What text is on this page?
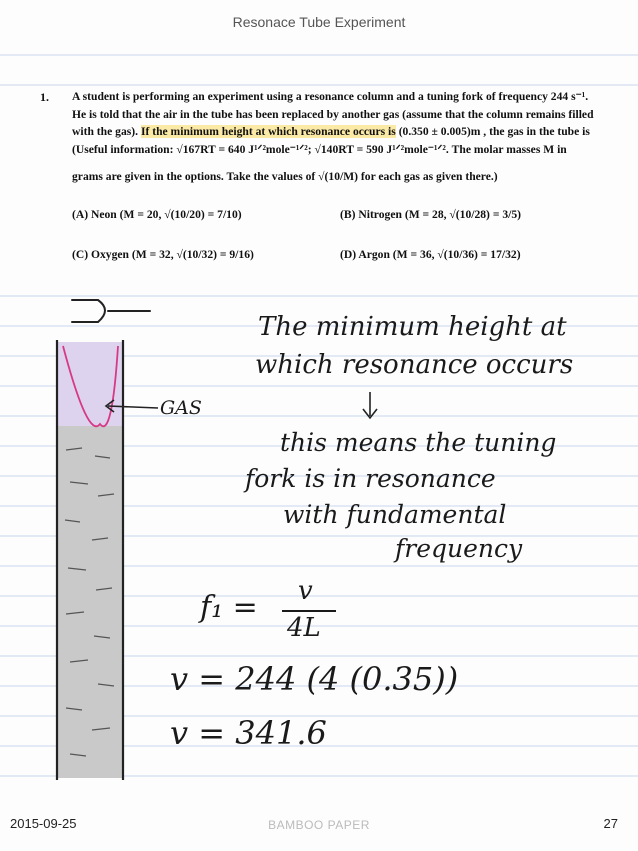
Resonace Tube Experiment
1. A student is performing an experiment using a resonance column and a tuning fork of frequency 244 s⁻¹.
He is told that the air in the tube has been replaced by another gas (assume that the column remains filled
with the gas). If the minimum height at which resonance occurs is (0.350 ± 0.005)m , the gas in the tube is
(Useful information: √167RT = 640 J¹ᐟ²mole⁻¹ᐟ²; √140RT = 590 J¹ᐟ²mole⁻¹ᐟ². The molar masses M in
grams are given in the options. Take the values of √(10/M) for each gas as given there.)
(A) Neon (M = 20, √(10/20) = 7/10)	(B) Nitrogen (M = 28, √(10/28) = 3/5)
(C) Oxygen (M = 32, √(10/32) = 9/16)	(D) Argon (M = 36, √(10/36) = 17/32)
GAS
The minimum height at
which resonance occurs
this means the tuning
fork is in resonance
with fundamental
frequency
f₁ = v
4L
v = 244 (4 (0.35))
v = 341.6
2015-09-25	BAMBOO PAPER	27
